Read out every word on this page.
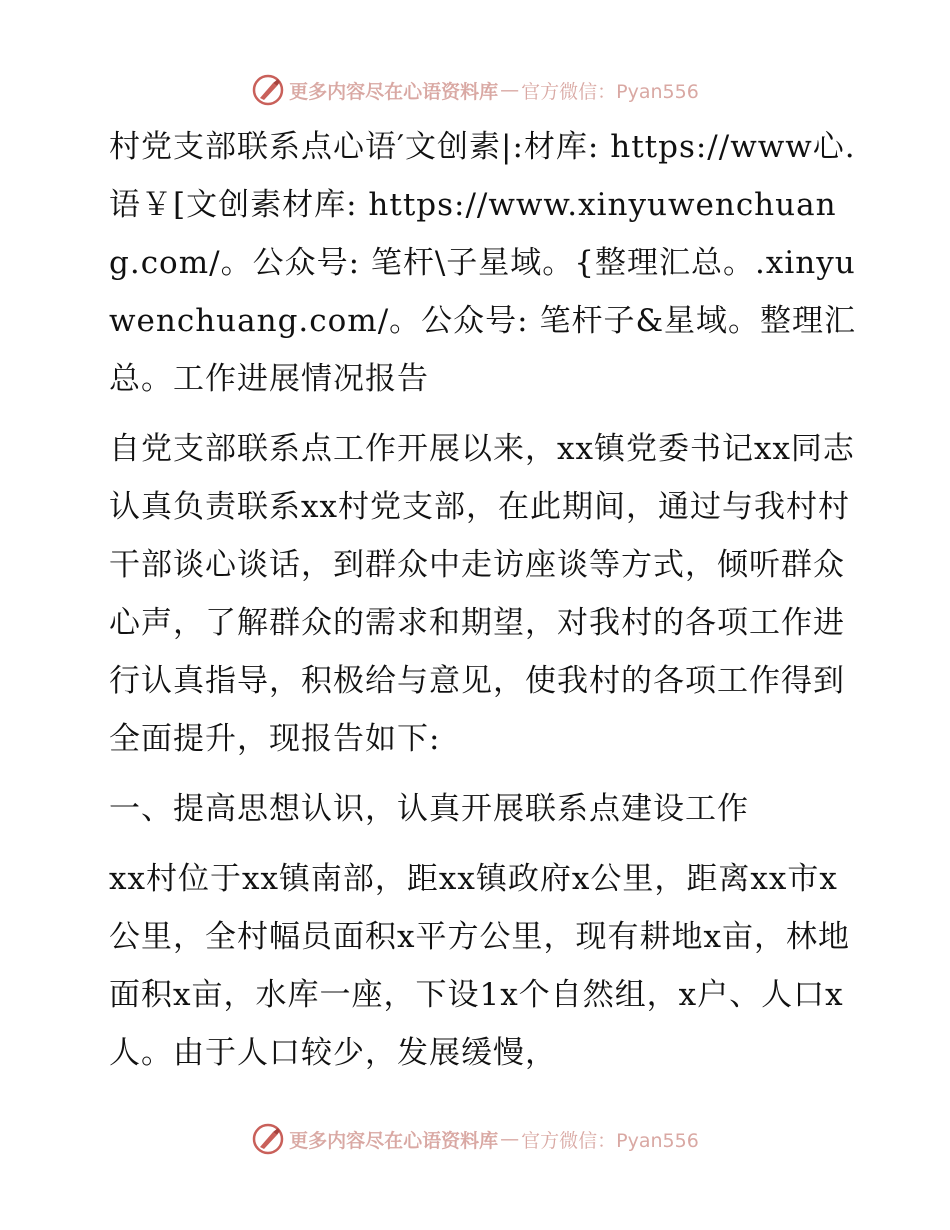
更多内容尽在心语资料库 — 官方微信：Pyan556

村党支部联系点心语′文创素|:材库: https://www心.语￥[文创素材库: https://www.xinyuwenchuang.com/。公众号: 笔杆\子星域。{整理汇总。.xinyuwenchuang.com/。公众号: 笔杆子&星域。整理汇总。工作进展情况报告

自党支部联系点工作开展以来，xx镇党委书记xx同志认真负责联系xx村党支部，在此期间，通过与我村村干部谈心谈话，到群众中走访座谈等方式，倾听群众心声，了解群众的需求和期望，对我村的各项工作进行认真指导，积极给与意见，使我村的各项工作得到全面提升，现报告如下:

一、提高思想认识，认真开展联系点建设工作

xx村位于xx镇南部，距xx镇政府x公里，距离xx市x公里，全村幅员面积x平方公里，现有耕地x亩，林地面积x亩，水库一座，下设1x个自然组，x户、人口x人。由于人口较少，发展缓慢，

更多内容尽在心语资料库 — 官方微信：Pyan556
